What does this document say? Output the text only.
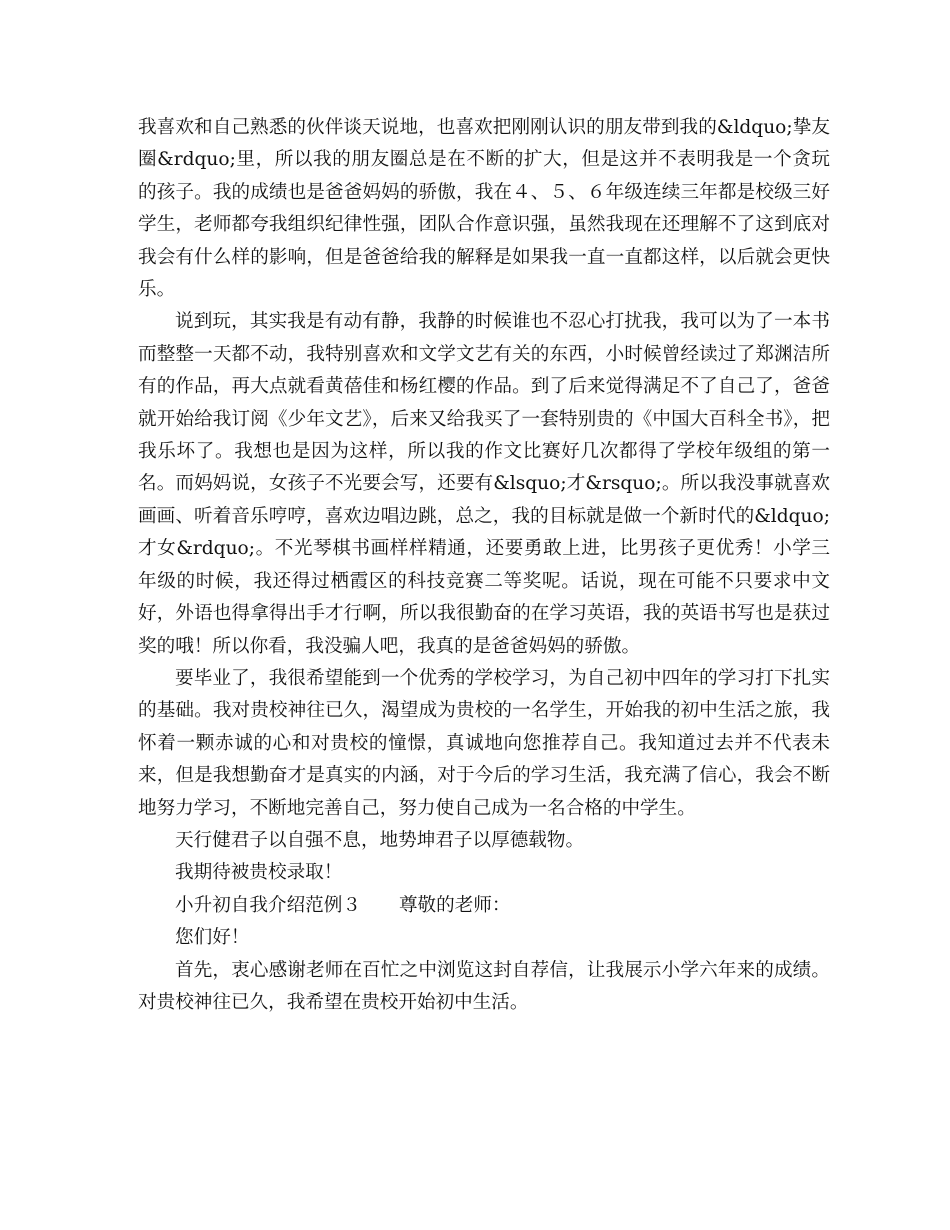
我喜欢和自己熟悉的伙伴谈天说地，也喜欢把刚刚认识的朋友带到我的&ldquo;挚友圈&rdquo;里，所以我的朋友圈总是在不断的扩大，但是这并不表明我是一个贪玩的孩子。我的成绩也是爸爸妈妈的骄傲，我在４、５、６年级连续三年都是校级三好学生，老师都夸我组织纪律性强，团队合作意识强，虽然我现在还理解不了这到底对我会有什么样的影响，但是爸爸给我的解释是如果我一直一直都这样，以后就会更快乐。

说到玩，其实我是有动有静，我静的时候谁也不忍心打扰我，我可以为了一本书而整整一天都不动，我特别喜欢和文学文艺有关的东西，小时候曾经读过了郑渊洁所有的作品，再大点就看黄蓓佳和杨红樱的作品。到了后来觉得满足不了自己了，爸爸就开始给我订阅《少年文艺》，后来又给我买了一套特别贵的《中国大百科全书》，把我乐坏了。我想也是因为这样，所以我的作文比赛好几次都得了学校年级组的第一名。而妈妈说，女孩子不光要会写，还要有&lsquo;才&rsquo;。所以我没事就喜欢画画、听着音乐哼哼，喜欢边唱边跳，总之，我的目标就是做一个新时代的&ldquo;才女&rdquo;。不光琴棋书画样样精通，还要勇敢上进，比男孩子更优秀！小学三年级的时候，我还得过栖霞区的科技竞赛二等奖呢。话说，现在可能不只要求中文好，外语也得拿得出手才行啊，所以我很勤奋的在学习英语，我的英语书写也是获过奖的哦！所以你看，我没骗人吧，我真的是爸爸妈妈的骄傲。

要毕业了，我很希望能到一个优秀的学校学习，为自己初中四年的学习打下扎实的基础。我对贵校神往已久，渴望成为贵校的一名学生，开始我的初中生活之旅，我怀着一颗赤诚的心和对贵校的憧憬，真诚地向您推荐自己。我知道过去并不代表未来，但是我想勤奋才是真实的内涵，对于今后的学习生活，我充满了信心，我会不断地努力学习，不断地完善自己，努力使自己成为一名合格的中学生。

天行健君子以自强不息，地势坤君子以厚德载物。

我期待被贵校录取！

小升初自我介绍范例３ 尊敬的老师：

您们好！

首先，衷心感谢老师在百忙之中浏览这封自荐信，让我展示小学六年来的成绩。对贵校神往已久，我希望在贵校开始初中生活。
